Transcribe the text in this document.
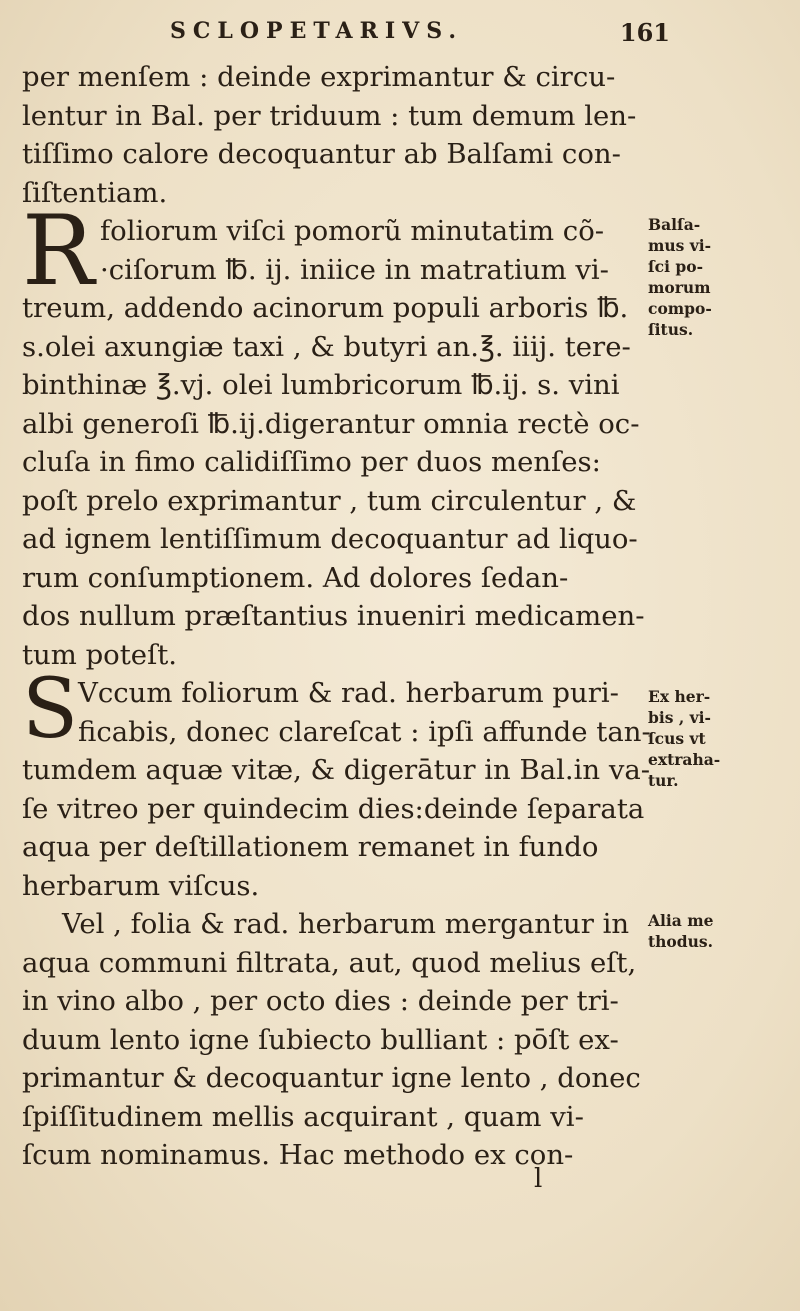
SCLOPETARIVS.	161
per menſem : deinde exprimantur & circu-
lentur in Bal. per triduum : tum demum len-
tiſſimo calore decoquantur ab Balſami con-
ſiſtentiam.
R foliorum viſci pomorũ minutatim cõ-
·ciſorum ℔. ij. iniice in matratium vi-
treum, addendo acinorum populi arboris ℔.
s.olei axungiæ taxi , & butyri an.℥. iiij. tere-
binthinæ ℥.vj. olei lumbricorum ℔.ij. s. vini
albi generoſi ℔.ij.digerantur omnia rectè oc-
cluſa in fimo calidiſſimo per duos menſes:
poſt prelo exprimantur , tum circulentur , &
ad ignem lentiſſimum decoquantur ad liquo-
rum conſumptionem. Ad dolores ſedan-
dos nullum præſtantius inueniri medicamen-
tum poteſt.
S Vccum foliorum & rad. herbarum puri-
ficabis, donec clareſcat : ipſi affunde tan-
tumdem aquæ vitæ, & digerātur in Bal.in va-
ſe vitreo per quindecim dies:deinde ſeparata
aqua per deſtillationem remanet in fundo
herbarum viſcus.
Vel , folia & rad. herbarum mergantur in
aqua communi filtrata, aut, quod melius eſt,
in vino albo , per octo dies : deinde per tri-
duum lento igne ſubiecto bulliant : pōſt ex-
primantur & decoquantur igne lento , donec
ſpiſſitudinem mellis acquirant , quam vi-
ſcum nominamus. Hac methodo ex con-
Balſa-
mus vi-
ſci po-
morum
compo-
ſitus.
Ex her-
bis , vi-
ſcus vt
extraha-
tur.
Alia me
thodus.
l
